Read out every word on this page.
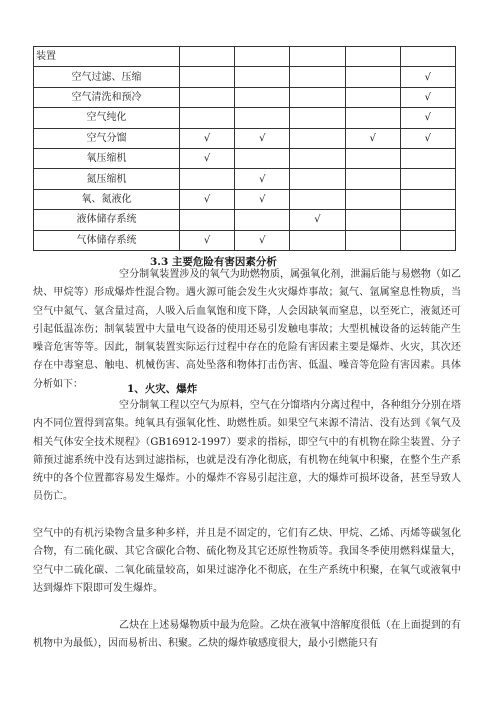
装置					
空气过滤、压缩					√
空气清洗和预冷					√
空气纯化					√
空气分馏	√	√		√	√
氧压缩机	√				
氮压缩机		√			
氧、氮液化	√	√			
液体储存系统			√		
气体储存系统	√	√			
3.3 主要危险有害因素分析
空分制氧装置涉及的氧气为助燃物质，属强氧化剂，泄漏后能与易燃物（如乙炔、甲烷等）形成爆炸性混合物。遇火源可能会发生火灾爆炸事故；氮气、氩属窒息性物质，当空气中氮气、氩含量过高，人吸入后血氧饱和度下降，人会因缺氧而窒息，以至死亡，液氮还可引起低温冻伤；制氧装置中大量电气设备的使用还易引发触电事故；大型机械设备的运转能产生噪音危害等等。因此，制氧装置实际运行过程中存在的危险有害因素主要是爆炸、火灾，其次还存在中毒窒息、触电、机械伤害、高处坠落和物体打击伤害、低温、噪音等危险有害因素。具体分析如下：	1、火灾、爆炸
空分制氧工程以空气为原料，空气在分馏塔内分离过程中，各种组分分别在塔内不同位置得到富集。纯氧具有强氧化性、助燃性质。如果空气来源不清洁、没有达到《氧气及相关气体安全技术规程》（GB16912-1997）要求的指标，即空气中的有机物在除尘装置、分子筛预过滤系统中没有达到过滤指标，也就是没有净化彻底，有机物在纯氧中积聚，在整个生产系统中的各个位置都容易发生爆炸。小的爆炸不容易引起注意，大的爆炸可损坏设备，甚至导致人员伤亡。
空气中的有机污染物含量多种多样，并且是不固定的，它们有乙炔、甲烷、乙烯、丙烯等碳氢化合物，有二硫化碳、其它含碳化合物、硫化物及其它还原性物质等。我国冬季使用燃料煤量大，空气中二硫化碳、二氧化硫量较高，如果过滤净化不彻底，在生产系统中积聚，在氧气或液氧中达到爆炸下限即可发生爆炸。
乙炔在上述易爆物质中最为危险。乙炔在液氧中溶解度很低（在上面提到的有机物中为最低），因而易析出、积聚。乙炔的爆炸敏感度很大，最小引燃能只有
